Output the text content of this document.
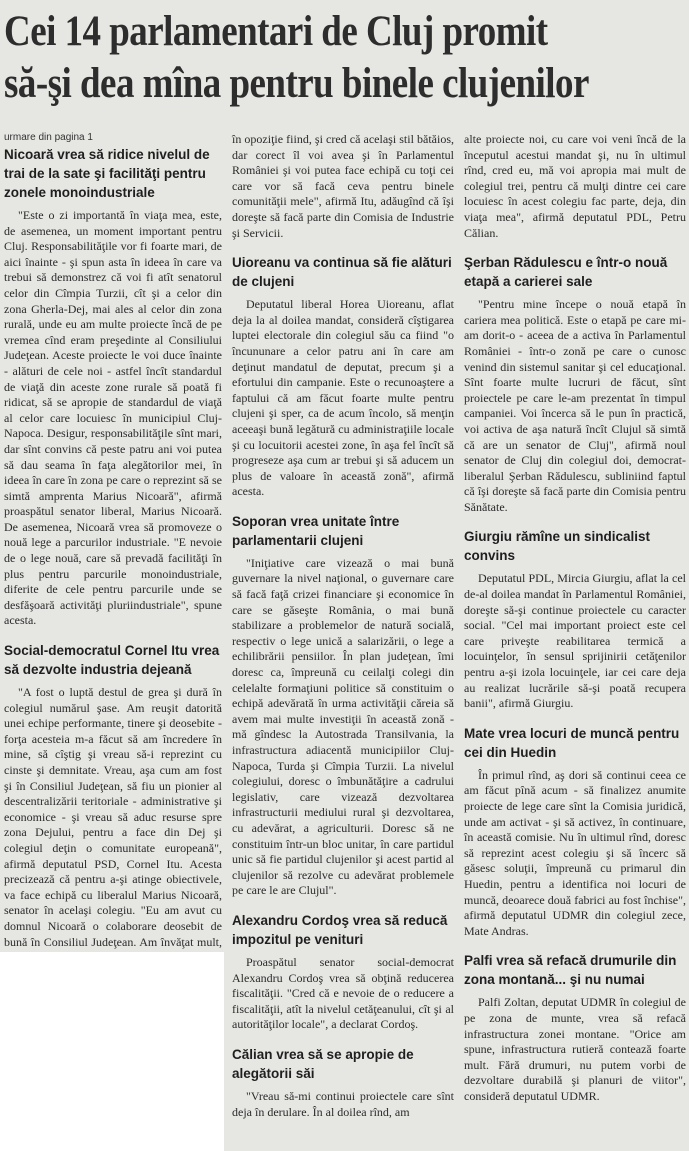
Cei 14 parlamentari de Cluj promit
să-şi dea mîna pentru binele clujenilor

urmare din pagina 1

Nicoară vrea să ridice nivelul de trai de la sate şi facilităţi pentru zonele monoindustriale

"Este o zi importantă în viaţa mea, este, de asemenea, un moment important pentru Cluj. Responsabilităţile vor fi foarte mari, de aici înainte - şi spun asta în ideea în care va trebui să demonstrez că voi fi atît senatorul celor din Cîmpia Turzii, cît şi a celor din zona Gherla-Dej, mai ales al celor din zona rurală, unde eu am multe proiecte încă de pe vremea cînd eram preşedinte al Consiliului Judeţean. Aceste proiecte le voi duce înainte - alături de cele noi - astfel încît standardul de viaţă din aceste zone rurale să poată fi ridicat, să se apropie de standardul de viaţă al celor care locuiesc în municipiul Cluj-Napoca. Desigur, responsabilităţile sînt mari, dar sînt convins că peste patru ani voi putea să dau seama în faţa alegătorilor mei, în ideea în care în zona pe care o reprezint să se simtă amprenta Marius Nicoară", afirmă proaspătul senator liberal, Marius Nicoară. De asemenea, Nicoară vrea să promoveze o nouă lege a parcurilor industriale. "E nevoie de o lege nouă, care să prevadă facilităţi în plus pentru parcurile monoindustriale, diferite de cele pentru parcurile unde se desfăşoară activităţi pluriindustriale", spune acesta.

Social-democratul Cornel Itu vrea să dezvolte industria dejeană

"A fost o luptă destul de grea şi dură în colegiul numărul şase. Am reuşit datorită unei echipe performante, tinere şi deosebite - forţa acesteia m-a făcut să am încredere în mine, să cîştig şi vreau să-i reprezint cu cinste şi demnitate. Vreau, aşa cum am fost şi în Consiliul Judeţean, să fiu un pionier al descentralizării teritoriale - administrative şi economice - şi vreau să aduc resurse spre zona Dejului, pentru a face din Dej şi colegiul deţin o comunitate europeană", afirmă deputatul PSD, Cornel Itu. Acesta precizează că pentru a-şi atinge obiectivele, va face echipă cu liberalul Marius Nicoară, senator în acelaşi colegiu. "Eu am avut cu domnul Nicoară o colaborare deosebit de bună în Consiliul Judeţean. Am învăţat mult,

în opoziţie fiind, şi cred că acelaşi stil bătăios, dar corect îl voi avea şi în Parlamentul României şi voi putea face echipă cu toţi cei care vor să facă ceva pentru binele comunităţii mele", afirmă Itu, adăugînd că îşi doreşte să facă parte din Comisia de Industrie şi Servicii.

Uioreanu va continua să fie alături de clujeni

Deputatul liberal Horea Uioreanu, aflat deja la al doilea mandat, consideră cîştigarea luptei electorale din colegiul său ca fiind "o încununare a celor patru ani în care am deţinut mandatul de deputat, precum şi a efortului din campanie. Este o recunoaştere a faptului că am făcut foarte multe pentru clujeni şi sper, ca de acum încolo, să menţin aceeaşi bună legătură cu administraţiile locale şi cu locuitorii acestei zone, în aşa fel încît să progreseze aşa cum ar trebui şi să aducem un plus de valoare în această zonă", afirmă acesta.

Soporan vrea unitate între parlamentarii clujeni

"Iniţiative care vizează o mai bună guvernare la nivel naţional, o guvernare care să facă faţă crizei financiare şi economice în care se găseşte România, o mai bună stabilizare a problemelor de natură socială, respectiv o lege unică a salarizării, o lege a echilibrării pensiilor. În plan judeţean, îmi doresc ca, împreună cu ceilalţi colegi din celelalte formaţiuni politice să constituim o echipă adevărată în urma activităţii căreia să avem mai multe investiţii în această zonă - mă gîndesc la Autostrada Transilvania, la infrastructura adiacentă municipiilor Cluj-Napoca, Turda şi Cîmpia Turzii. La nivelul colegiului, doresc o îmbunătăţire a cadrului legislativ, care vizează dezvoltarea infrastructurii mediului rural şi dezvoltarea, cu adevărat, a agriculturii. Doresc să ne constituim într-un bloc unitar, în care partidul unic să fie partidul clujenilor şi acest partid al clujenilor să rezolve cu adevărat problemele pe care le are Clujul".

Alexandru Cordoş vrea să reducă impozitul pe venituri

Proaspătul senator social-democrat Alexandru Cordoş vrea să obţină reducerea fiscalităţii. "Cred că e nevoie de o reducere a fiscalităţii, atît la nivelul cetăţeanului, cît şi al autorităţilor locale", a declarat Cordoş.

Călian vrea să se apropie de alegătorii săi

"Vreau să-mi continui proiectele care sînt deja în derulare. În al doilea rînd, am

alte proiecte noi, cu care voi veni încă de la începutul acestui mandat şi, nu în ultimul rînd, cred eu, mă voi apropia mai mult de colegiul trei, pentru că mulţi dintre cei care locuiesc în acest colegiu fac parte, deja, din viaţa mea", afirmă deputatul PDL, Petru Călian.

Şerban Rădulescu e într-o nouă etapă a carierei sale

"Pentru mine începe o nouă etapă în cariera mea politică. Este o etapă pe care mi-am dorit-o - aceea de a activa în Parlamentul României - într-o zonă pe care o cunosc venind din sistemul sanitar şi cel educaţional. Sînt foarte multe lucruri de făcut, sînt proiectele pe care le-am prezentat în timpul campaniei. Voi încerca să le pun în practică, voi activa de aşa natură încît Clujul să simtă că are un senator de Cluj", afirmă noul senator de Cluj din colegiul doi, democrat-liberalul Şerban Rădulescu, subliniind faptul că îşi doreşte să facă parte din Comisia pentru Sănătate.

Giurgiu rămîne un sindicalist convins

Deputatul PDL, Mircia Giurgiu, aflat la cel de-al doilea mandat în Parlamentul României, doreşte să-şi continue proiectele cu caracter social. "Cel mai important proiect este cel care priveşte reabilitarea termică a locuinţelor, în sensul sprijinirii cetăţenilor pentru a-şi izola locuinţele, iar cei care deja au realizat lucrările să-şi poată recupera banii", afirmă Giurgiu.

Mate vrea locuri de muncă pentru cei din Huedin

În primul rînd, aş dori să continui ceea ce am făcut pînă acum - să finalizez anumite proiecte de lege care sînt la Comisia juridică, unde am activat - şi să activez, în continuare, în această comisie. Nu în ultimul rînd, doresc să reprezint acest colegiu şi să încerc să găsesc soluţii, împreună cu primarul din Huedin, pentru a identifica noi locuri de muncă, deoarece două fabrici au fost închise", afirmă deputatul UDMR din colegiul zece, Mate Andras.

Palfi vrea să refacă drumurile din zona montană... şi nu numai

Palfi Zoltan, deputat UDMR în colegiul de pe zona de munte, vrea să refacă infrastructura zonei montane. "Orice am spune, infrastructura rutieră contează foarte mult. Fără drumuri, nu putem vorbi de dezvoltare durabilă şi planuri de viitor", consideră deputatul UDMR.
